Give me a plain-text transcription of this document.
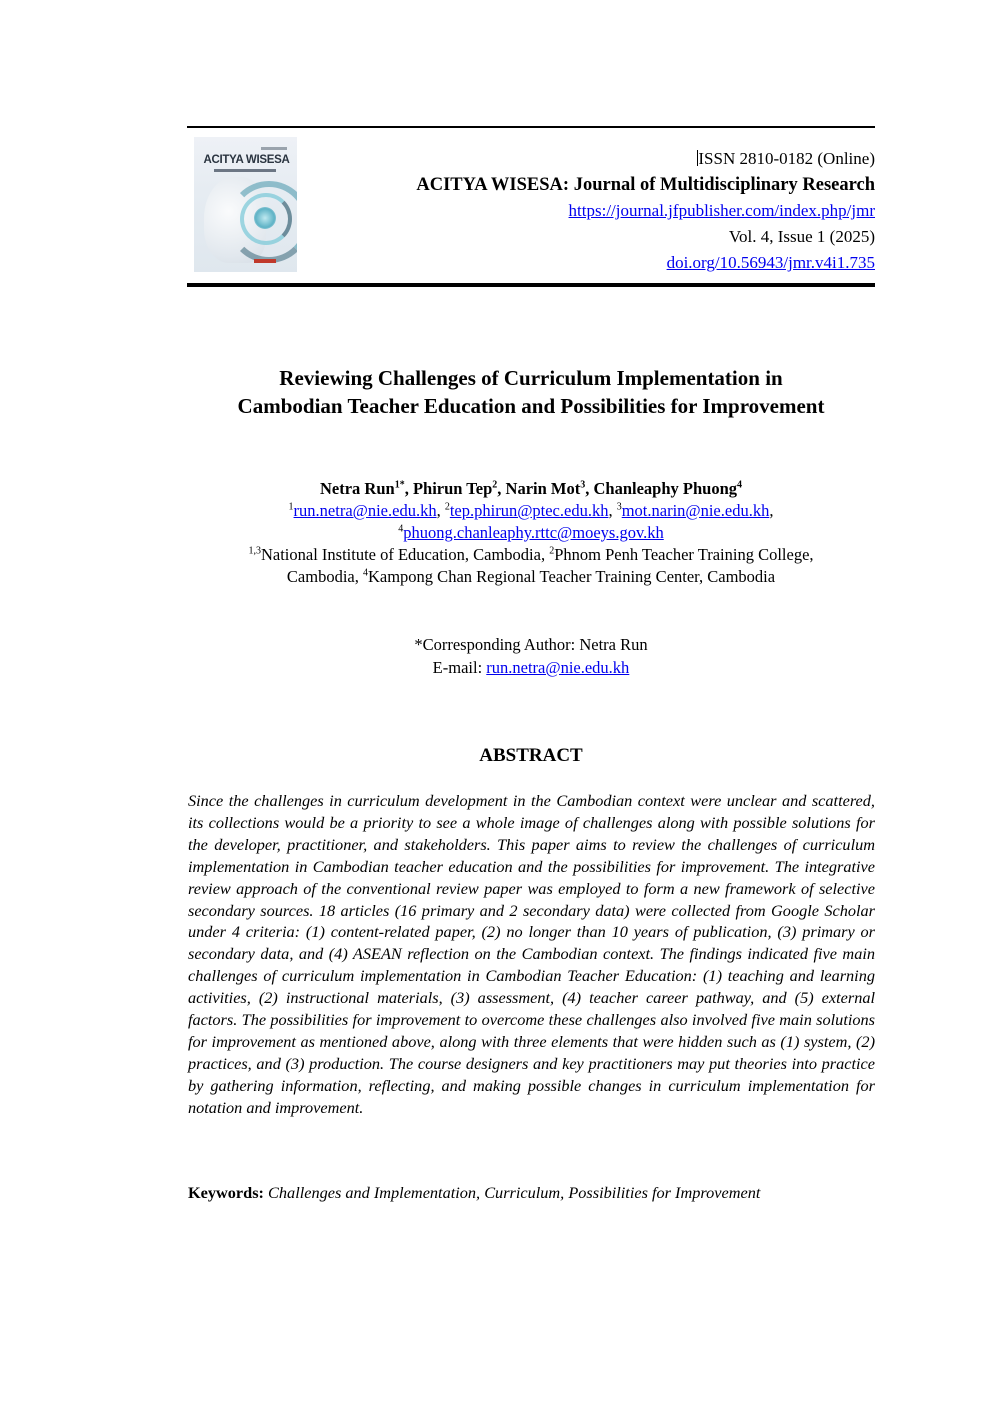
ACITYA WISESA	ISSN 2810-0182 (Online)
ACITYA WISESA: Journal of Multidisciplinary Research
https://journal.jfpublisher.com/index.php/jmr
Vol. 4, Issue 1 (2025)
doi.org/10.56943/jmr.v4i1.735
Reviewing Challenges of Curriculum Implementation in
Cambodian Teacher Education and Possibilities for Improvement
Netra Run$^{1*}$, Phirun Tep$^2$, Narin Mot$^3$, Chanleaphy Phuong$^4$
$^1$run.netra@nie.edu.kh, $^2$tep.phirun@ptec.edu.kh, $^3$mot.narin@nie.edu.kh,
$^4$phuong.chanleaphy.rttc@moeys.gov.kh
$^{1,3}$National Institute of Education, Cambodia, $^2$Phnom Penh Teacher Training College,
Cambodia, $^4$Kampong Chan Regional Teacher Training Center, Cambodia
*Corresponding Author: Netra Run
E-mail: run.netra@nie.edu.kh
ABSTRACT
Since the challenges in curriculum development in the Cambodian context were unclear and scattered, its collections would be a priority to see a whole image of challenges along with possible solutions for the developer, practitioner, and stakeholders. This paper aims to review the challenges of curriculum implementation in Cambodian teacher education and the possibilities for improvement. The integrative review approach of the conventional review paper was employed to form a new framework of selective secondary sources. 18 articles (16 primary and 2 secondary data) were collected from Google Scholar under 4 criteria: (1) content-related paper, (2) no longer than 10 years of publication, (3) primary or secondary data, and (4) ASEAN reflection on the Cambodian context. The findings indicated five main challenges of curriculum implementation in Cambodian Teacher Education: (1) teaching and learning activities, (2) instructional materials, (3) assessment, (4) teacher career pathway, and (5) external factors. The possibilities for improvement to overcome these challenges also involved five main solutions for improvement as mentioned above, along with three elements that were hidden such as (1) system, (2) practices, and (3) production. The course designers and key practitioners may put theories into practice by gathering information, reflecting, and making possible changes in curriculum implementation for notation and improvement.
Keywords: Challenges and Implementation, Curriculum, Possibilities for Improvement
